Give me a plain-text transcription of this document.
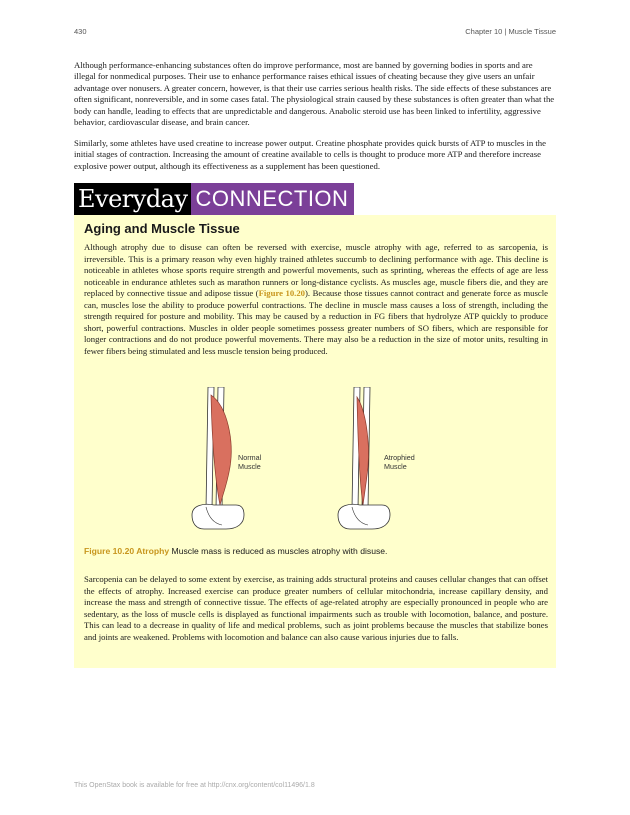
430	Chapter 10 | Muscle Tissue

Although performance-enhancing substances often do improve performance, most are banned by governing bodies in sports and are illegal for nonmedical purposes. Their use to enhance performance raises ethical issues of cheating because they give users an unfair advantage over nonusers. A greater concern, however, is that their use carries serious health risks. The side effects of these substances are often significant, nonreversible, and in some cases fatal. The physiological strain caused by these substances is often greater than what the body can handle, leading to effects that are unpredictable and dangerous. Anabolic steroid use has been linked to infertility, aggressive behavior, cardiovascular disease, and brain cancer.

Similarly, some athletes have used creatine to increase power output. Creatine phosphate provides quick bursts of ATP to muscles in the initial stages of contraction. Increasing the amount of creatine available to cells is thought to produce more ATP and therefore increase explosive power output, although its effectiveness as a supplement has been questioned.

Everyday CONNECTION
Aging and Muscle Tissue

Although atrophy due to disuse can often be reversed with exercise, muscle atrophy with age, referred to as sarcopenia, is irreversible. This is a primary reason why even highly trained athletes succumb to declining performance with age. This decline is noticeable in athletes whose sports require strength and powerful movements, such as sprinting, whereas the effects of age are less noticeable in endurance athletes such as marathon runners or long-distance cyclists. As muscles age, muscle fibers die, and they are replaced by connective tissue and adipose tissue (Figure 10.20). Because those tissues cannot contract and generate force as muscle can, muscles lose the ability to produce powerful contractions. The decline in muscle mass causes a loss of strength, including the strength required for posture and mobility. This may be caused by a reduction in FG fibers that hydrolyze ATP quickly to produce short, powerful contractions. Muscles in older people sometimes possess greater numbers of SO fibers, which are responsible for longer contractions and do not produce powerful movements. There may also be a reduction in the size of motor units, resulting in fewer fibers being stimulated and less muscle tension being produced.

Normal
Muscle
Atrophied
Muscle

Figure 10.20 Atrophy Muscle mass is reduced as muscles atrophy with disuse.

Sarcopenia can be delayed to some extent by exercise, as training adds structural proteins and causes cellular changes that can offset the effects of atrophy. Increased exercise can produce greater numbers of cellular mitochondria, increase capillary density, and increase the mass and strength of connective tissue. The effects of age-related atrophy are especially pronounced in people who are sedentary, as the loss of muscle cells is displayed as functional impairments such as trouble with locomotion, balance, and posture. This can lead to a decrease in quality of life and medical problems, such as joint problems because the muscles that stabilize bones and joints are weakened. Problems with locomotion and balance can also cause various injuries due to falls.

This OpenStax book is available for free at http://cnx.org/content/col11496/1.8
